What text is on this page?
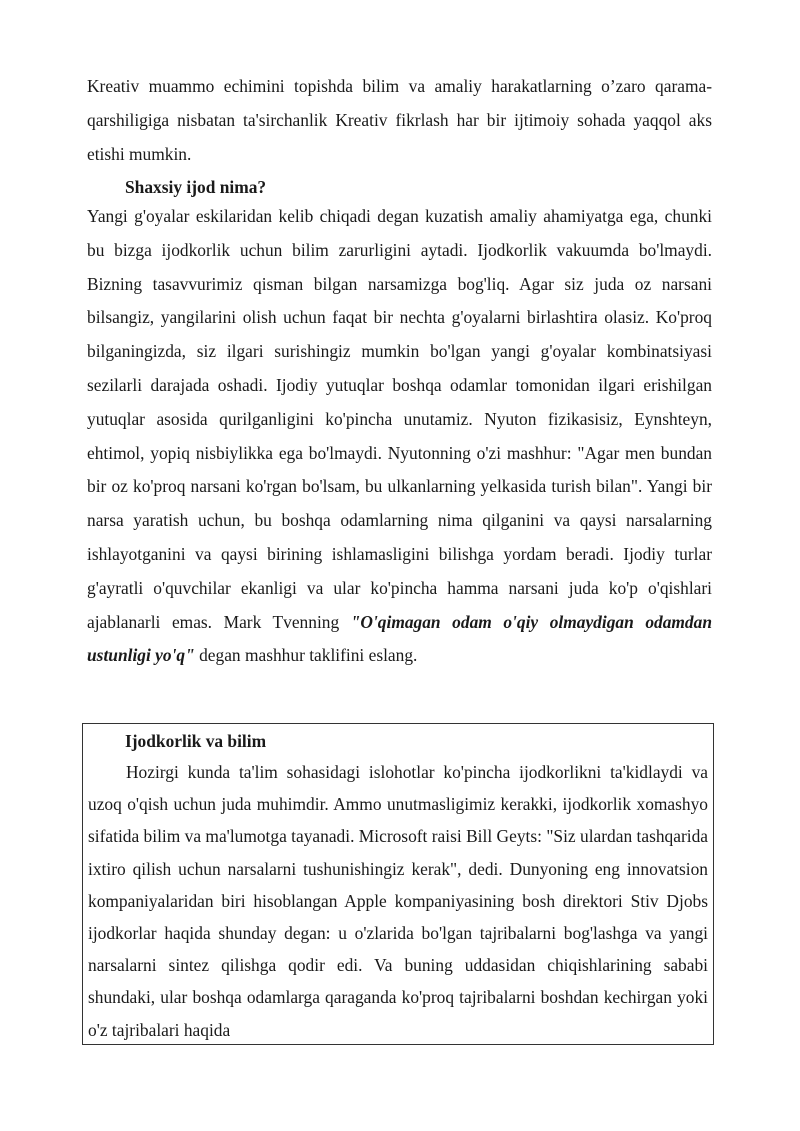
Kreativ muammo echimini topishda bilim va amaliy harakatlarning o’zaro qarama-qarshiligiga nisbatan ta'sirchanlik Kreativ fikrlash har bir ijtimoiy sohada yaqqol aks etishi mumkin.

Shaxsiy ijod nima?

Yangi g'oyalar eskilaridan kelib chiqadi degan kuzatish amaliy ahamiyatga ega, chunki bu bizga ijodkorlik uchun bilim zarurligini aytadi. Ijodkorlik vakuumda bo'lmaydi. Bizning tasavvurimiz qisman bilgan narsamizga bog'liq. Agar siz juda oz narsani bilsangiz, yangilarini olish uchun faqat bir nechta g'oyalarni birlashtira olasiz. Ko'proq bilganingizda, siz ilgari surishingiz mumkin bo'lgan yangi g'oyalar kombinatsiyasi sezilarli darajada oshadi. Ijodiy yutuqlar boshqa odamlar tomonidan ilgari erishilgan yutuqlar asosida qurilganligini ko'pincha unutamiz. Nyuton fizikasisiz, Eynshteyn, ehtimol, yopiq nisbiylikka ega bo'lmaydi. Nyutonning o'zi mashhur: "Agar men bundan bir oz ko'proq narsani ko'rgan bo'lsam, bu ulkanlarning yelkasida turish bilan". Yangi bir narsa yaratish uchun, bu boshqa odamlarning nima qilganini va qaysi narsalarning ishlayotganini va qaysi birining ishlamasligini bilishga yordam beradi. Ijodiy turlar g'ayratli o'quvchilar ekanligi va ular ko'pincha hamma narsani juda ko'p o'qishlari ajablanarli emas. Mark Tvenning "O'qimagan odam o'qiy olmaydigan odamdan ustunligi yo'q" degan mashhur taklifini eslang.

Ijodkorlik va bilim

Hozirgi kunda ta'lim sohasidagi islohotlar ko'pincha ijodkorlikni ta'kidlaydi va uzoq o'qish uchun juda muhimdir. Ammo unutmasligimiz kerakki, ijodkorlik xomashyo sifatida bilim va ma'lumotga tayanadi. Microsoft raisi Bill Geyts: "Siz ulardan tashqarida ixtiro qilish uchun narsalarni tushunishingiz kerak", dedi. Dunyoning eng innovatsion kompaniyalaridan biri hisoblangan Apple kompaniyasining bosh direktori Stiv Djobs ijodkorlar haqida shunday degan: u o'zlarida bo'lgan tajribalarni bog'lashga va yangi narsalarni sintez qilishga qodir edi. Va buning uddasidan chiqishlarining sababi shundaki, ular boshqa odamlarga qaraganda ko'proq tajribalarni boshdan kechirgan yoki o'z tajribalari haqida
